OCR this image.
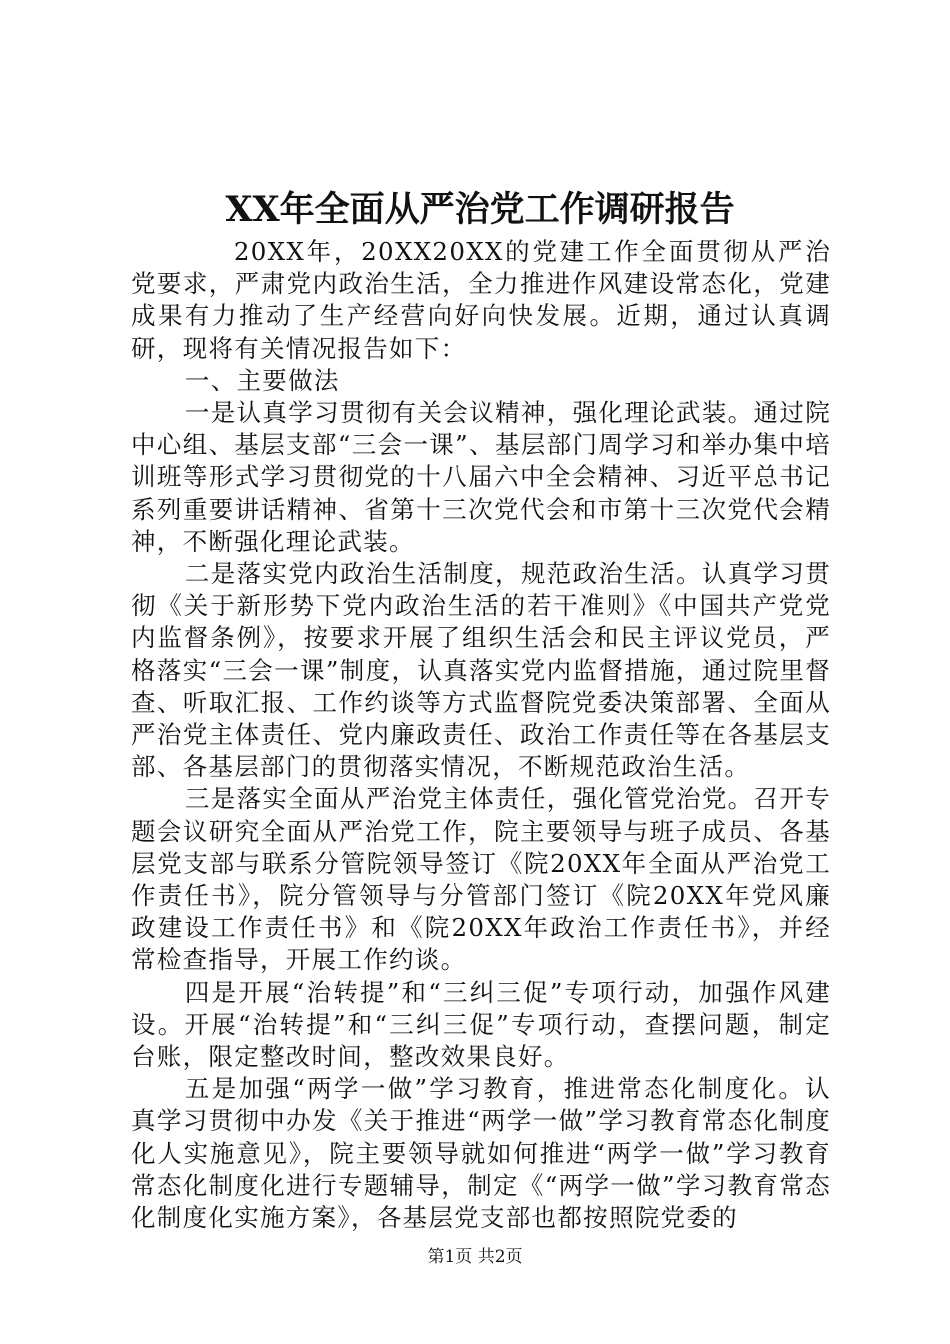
XX年全面从严治党工作调研报告

20XX年，20XX20XX的党建工作全面贯彻从严治党要求，严肃党内政治生活，全力推进作风建设常态化，党建成果有力推动了生产经营向好向快发展。近期，通过认真调研，现将有关情况报告如下：

一、主要做法

一是认真学习贯彻有关会议精神，强化理论武装。通过院中心组、基层支部“三会一课”、基层部门周学习和举办集中培训班等形式学习贯彻党的十八届六中全会精神、习近平总书记系列重要讲话精神、省第十三次党代会和市第十三次党代会精神，不断强化理论武装。

二是落实党内政治生活制度，规范政治生活。认真学习贯彻《关于新形势下党内政治生活的若干准则》《中国共产党党内监督条例》，按要求开展了组织生活会和民主评议党员，严格落实“三会一课”制度，认真落实党内监督措施，通过院里督查、听取汇报、工作约谈等方式监督院党委决策部署、全面从严治党主体责任、党内廉政责任、政治工作责任等在各基层支部、各基层部门的贯彻落实情况，不断规范政治生活。

三是落实全面从严治党主体责任，强化管党治党。召开专题会议研究全面从严治党工作，院主要领导与班子成员、各基层党支部与联系分管院领导签订《院20XX年全面从严治党工作责任书》，院分管领导与分管部门签订《院20XX年党风廉政建设工作责任书》和《院20XX年政治工作责任书》，并经常检查指导，开展工作约谈。

四是开展“治转提”和“三纠三促”专项行动，加强作风建设。开展“治转提”和“三纠三促”专项行动，查摆问题，制定台账，限定整改时间，整改效果良好。

五是加强“两学一做”学习教育，推进常态化制度化。认真学习贯彻中办发《关于推进“两学一做”学习教育常态化制度化人实施意见》，院主要领导就如何推进“两学一做”学习教育常态化制度化进行专题辅导，制定《“两学一做”学习教育常态化制度化实施方案》，各基层党支部也都按照院党委的

第1页 共2页
